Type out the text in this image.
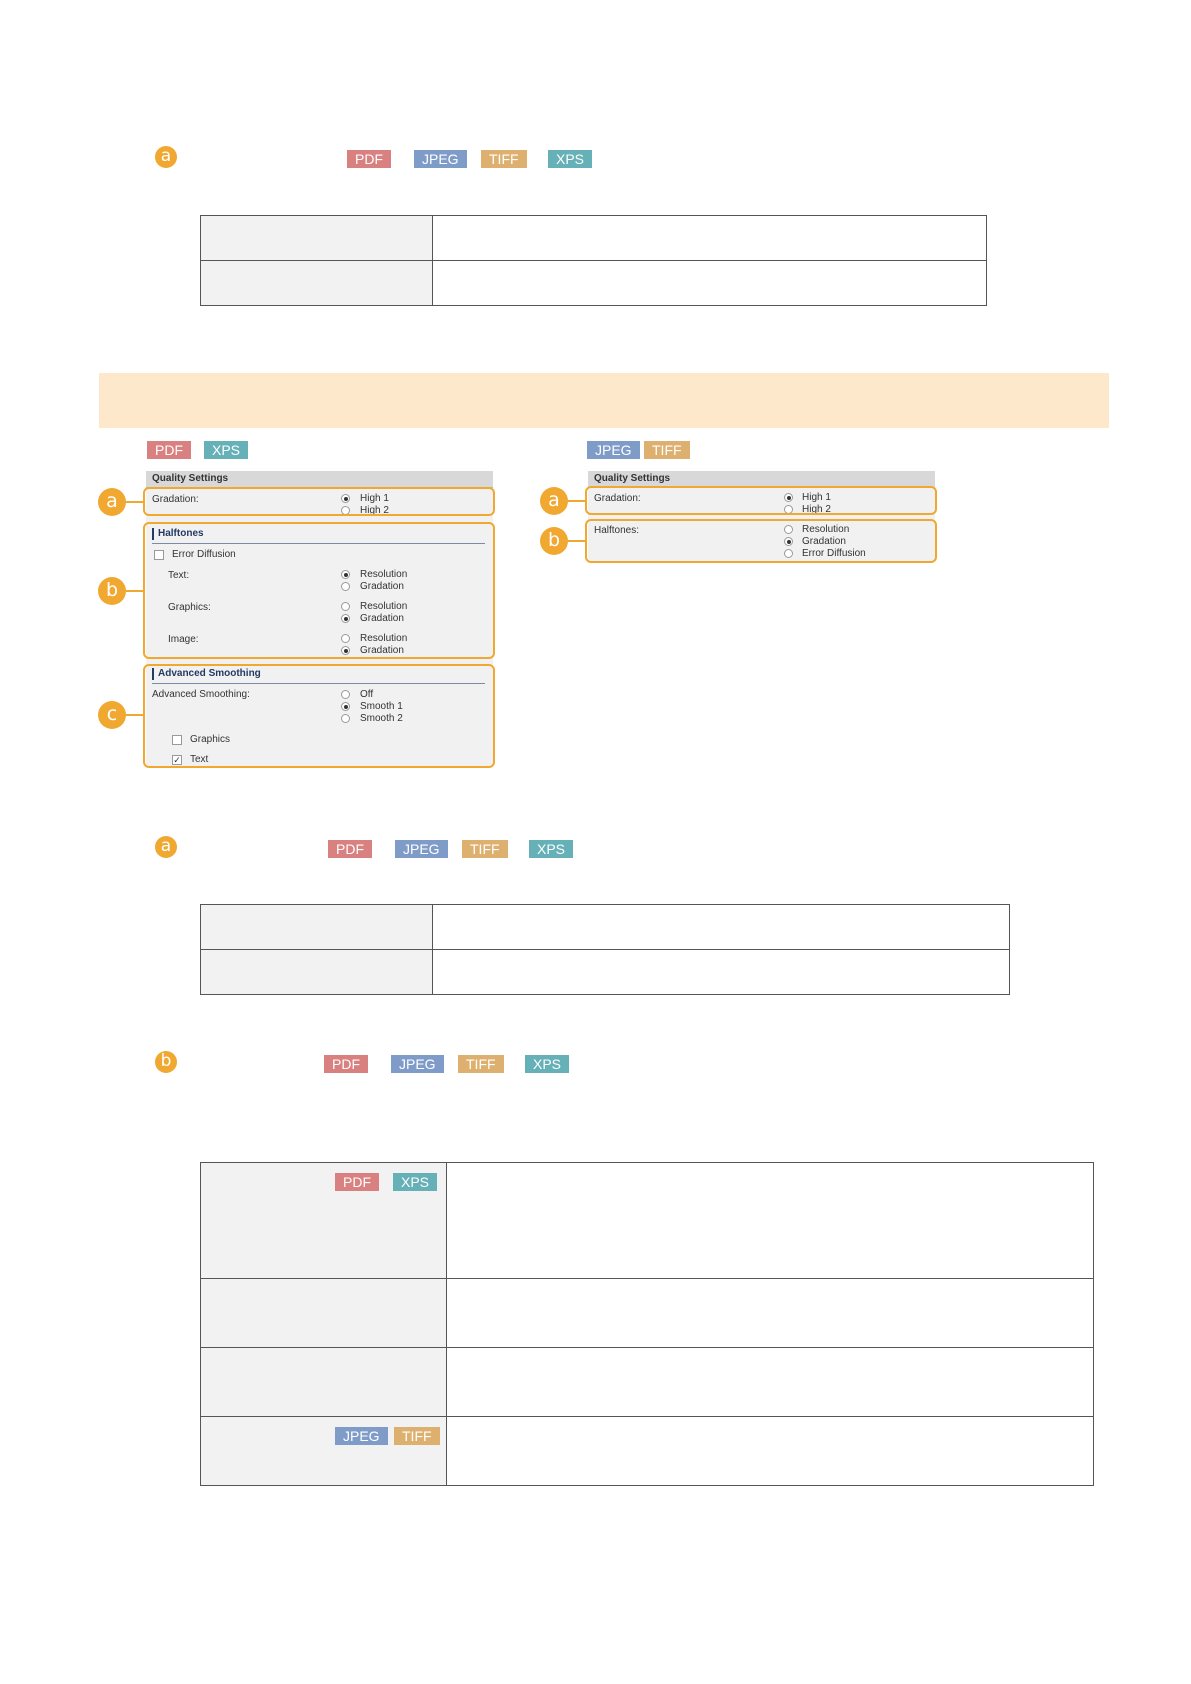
a	PDF	JPEG	TIFF	XPS

PDF	XPS	JPEG	TIFF
Quality Settings
Gradation:	High 1
High 2
Halftones
Error Diffusion
Text:	Resolution
Gradation
Graphics:	Resolution
Gradation
Image:	Resolution
Gradation
Advanced Smoothing
Advanced Smoothing:	Off
Smooth 1
Smooth 2
Graphics
✓ Text
a
b
c
Quality Settings
Gradation:	High 1
High 2
Halftones:	Resolution
Gradation
Error Diffusion
a
b
a	PDF	JPEG	TIFF	XPS

b	PDF	JPEG	TIFF	XPS
PDF XPS	

JPEG TIFF	
